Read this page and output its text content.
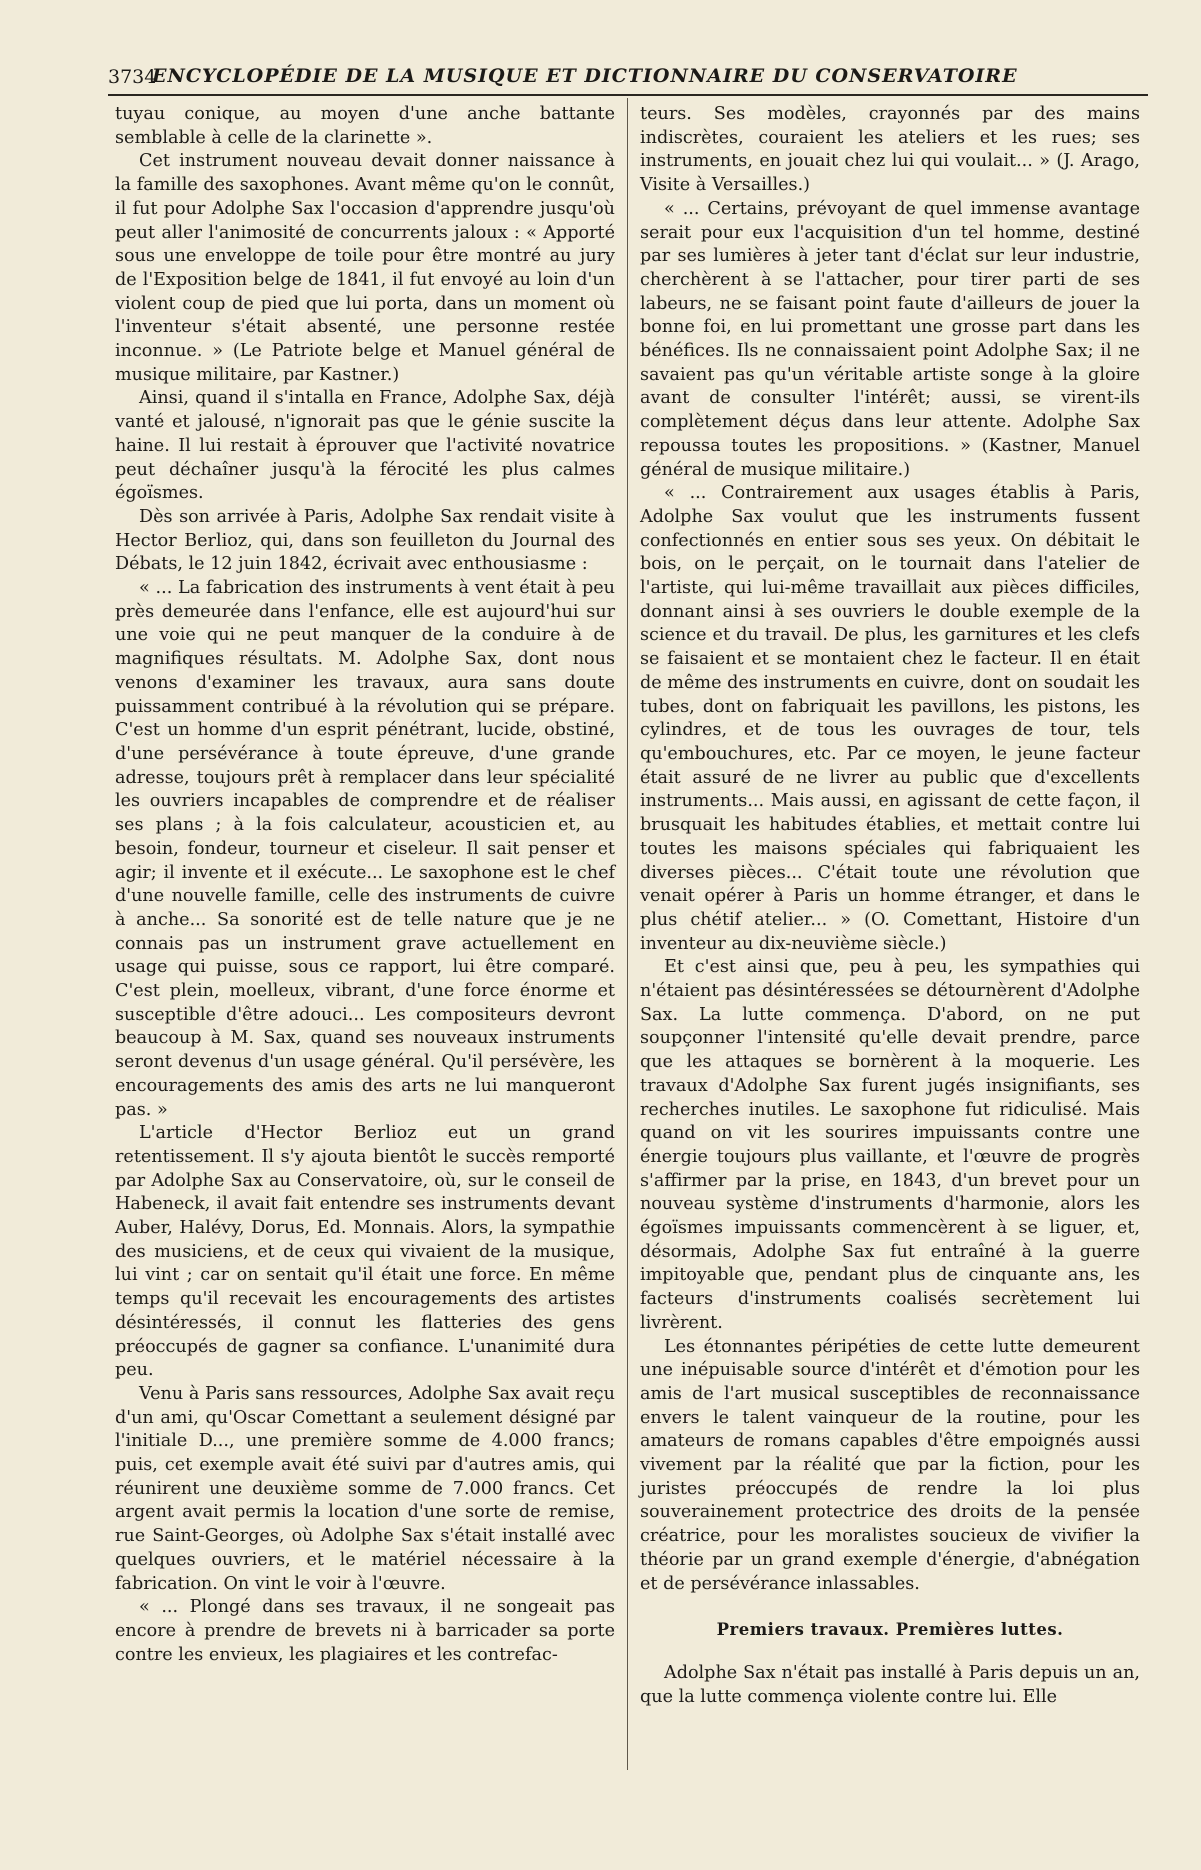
3734
ENCYCLOPÉDIE DE LA MUSIQUE ET DICTIONNAIRE DU CONSERVATOIRE

tuyau conique, au moyen d'une anche battante semblable à celle de la clarinette ».

Cet instrument nouveau devait donner naissance à la famille des saxophones. Avant même qu'on le connût, il fut pour Adolphe Sax l'occasion d'apprendre jusqu'où peut aller l'animosité de concurrents jaloux : « Apporté sous une enveloppe de toile pour être montré au jury de l'Exposition belge de 1841, il fut envoyé au loin d'un violent coup de pied que lui porta, dans un moment où l'inventeur s'était absenté, une personne restée inconnue. » (Le Patriote belge et Manuel général de musique militaire, par Kastner.)

Ainsi, quand il s'intalla en France, Adolphe Sax, déjà vanté et jalousé, n'ignorait pas que le génie suscite la haine. Il lui restait à éprouver que l'activité novatrice peut déchaîner jusqu'à la férocité les plus calmes égoïsmes.

Dès son arrivée à Paris, Adolphe Sax rendait visite à Hector Berlioz, qui, dans son feuilleton du Journal des Débats, le 12 juin 1842, écrivait avec enthousiasme :

« ... La fabrication des instruments à vent était à peu près demeurée dans l'enfance, elle est aujourd'hui sur une voie qui ne peut manquer de la conduire à de magnifiques résultats. M. Adolphe Sax, dont nous venons d'examiner les travaux, aura sans doute puissamment contribué à la révolution qui se prépare. C'est un homme d'un esprit pénétrant, lucide, obstiné, d'une persévérance à toute épreuve, d'une grande adresse, toujours prêt à remplacer dans leur spécialité les ouvriers incapables de comprendre et de réaliser ses plans ; à la fois calculateur, acousticien et, au besoin, fondeur, tourneur et ciseleur. Il sait penser et agir; il invente et il exécute... Le saxophone est le chef d'une nouvelle famille, celle des instruments de cuivre à anche... Sa sonorité est de telle nature que je ne connais pas un instrument grave actuellement en usage qui puisse, sous ce rapport, lui être comparé. C'est plein, moelleux, vibrant, d'une force énorme et susceptible d'être adouci... Les compositeurs devront beaucoup à M. Sax, quand ses nouveaux instruments seront devenus d'un usage général. Qu'il persévère, les encouragements des amis des arts ne lui manqueront pas. »

L'article d'Hector Berlioz eut un grand retentissement. Il s'y ajouta bientôt le succès remporté par Adolphe Sax au Conservatoire, où, sur le conseil de Habeneck, il avait fait entendre ses instruments devant Auber, Halévy, Dorus, Ed. Monnais. Alors, la sympathie des musiciens, et de ceux qui vivaient de la musique, lui vint ; car on sentait qu'il était une force. En même temps qu'il recevait les encouragements des artistes désintéressés, il connut les flatteries des gens préoccupés de gagner sa confiance. L'unanimité dura peu.

Venu à Paris sans ressources, Adolphe Sax avait reçu d'un ami, qu'Oscar Comettant a seulement désigné par l'initiale D..., une première somme de 4.000 francs; puis, cet exemple avait été suivi par d'autres amis, qui réunirent une deuxième somme de 7.000 francs. Cet argent avait permis la location d'une sorte de remise, rue Saint-Georges, où Adolphe Sax s'était installé avec quelques ouvriers, et le matériel nécessaire à la fabrication. On vint le voir à l'œuvre.

« ... Plongé dans ses travaux, il ne songeait pas encore à prendre de brevets ni à barricader sa porte contre les envieux, les plagiaires et les contrefac-

teurs. Ses modèles, crayonnés par des mains indiscrètes, couraient les ateliers et les rues; ses instruments, en jouait chez lui qui voulait... » (J. Arago, Visite à Versailles.)

« ... Certains, prévoyant de quel immense avantage serait pour eux l'acquisition d'un tel homme, destiné par ses lumières à jeter tant d'éclat sur leur industrie, cherchèrent à se l'attacher, pour tirer parti de ses labeurs, ne se faisant point faute d'ailleurs de jouer la bonne foi, en lui promettant une grosse part dans les bénéfices. Ils ne connaissaient point Adolphe Sax; il ne savaient pas qu'un véritable artiste songe à la gloire avant de consulter l'intérêt; aussi, se virent-ils complètement déçus dans leur attente. Adolphe Sax repoussa toutes les propositions. » (Kastner, Manuel général de musique militaire.)

« ... Contrairement aux usages établis à Paris, Adolphe Sax voulut que les instruments fussent confectionnés en entier sous ses yeux. On débitait le bois, on le perçait, on le tournait dans l'atelier de l'artiste, qui lui-même travaillait aux pièces difficiles, donnant ainsi à ses ouvriers le double exemple de la science et du travail. De plus, les garnitures et les clefs se faisaient et se montaient chez le facteur. Il en était de même des instruments en cuivre, dont on soudait les tubes, dont on fabriquait les pavillons, les pistons, les cylindres, et de tous les ouvrages de tour, tels qu'embouchures, etc. Par ce moyen, le jeune facteur était assuré de ne livrer au public que d'excellents instruments... Mais aussi, en agissant de cette façon, il brusquait les habitudes établies, et mettait contre lui toutes les maisons spéciales qui fabriquaient les diverses pièces... C'était toute une révolution que venait opérer à Paris un homme étranger, et dans le plus chétif atelier... » (O. Comettant, Histoire d'un inventeur au dix-neuvième siècle.)

Et c'est ainsi que, peu à peu, les sympathies qui n'étaient pas désintéressées se détournèrent d'Adolphe Sax. La lutte commença. D'abord, on ne put soupçonner l'intensité qu'elle devait prendre, parce que les attaques se bornèrent à la moquerie. Les travaux d'Adolphe Sax furent jugés insignifiants, ses recherches inutiles. Le saxophone fut ridiculisé. Mais quand on vit les sourires impuissants contre une énergie toujours plus vaillante, et l'œuvre de progrès s'affirmer par la prise, en 1843, d'un brevet pour un nouveau système d'instruments d'harmonie, alors les égoïsmes impuissants commencèrent à se liguer, et, désormais, Adolphe Sax fut entraîné à la guerre impitoyable que, pendant plus de cinquante ans, les facteurs d'instruments coalisés secrètement lui livrèrent.

Les étonnantes péripéties de cette lutte demeurent une inépuisable source d'intérêt et d'émotion pour les amis de l'art musical susceptibles de reconnaissance envers le talent vainqueur de la routine, pour les amateurs de romans capables d'être empoignés aussi vivement par la réalité que par la fiction, pour les juristes préoccupés de rendre la loi plus souverainement protectrice des droits de la pensée créatrice, pour les moralistes soucieux de vivifier la théorie par un grand exemple d'énergie, d'abnégation et de persévérance inlassables.

Premiers travaux. Premières luttes.

Adolphe Sax n'était pas installé à Paris depuis un an, que la lutte commença violente contre lui. Elle
